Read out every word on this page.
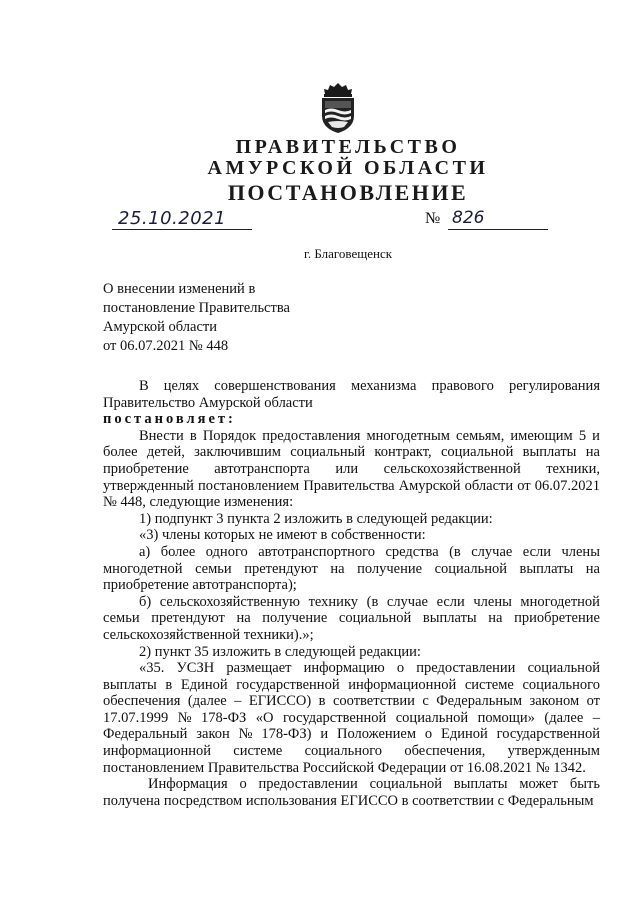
ПРАВИТЕЛЬСТВО
АМУРСКОЙ ОБЛАСТИ
ПОСТАНОВЛЕНИЕ
25.10.2021	№ 826
г. Благовещенск
О внесении изменений в
постановление Правительства
Амурской области
от 06.07.2021 № 448
В целях совершенствования механизма правового регулирования
Правительство Амурской области
постановляет:
Внести в Порядок предоставления многодетным семьям, имеющим 5 и
более детей, заключившим социальный контракт, социальной выплаты на
приобретение автотранспорта или сельскохозяйственной техники,
утвержденный постановлением Правительства Амурской области от 06.07.2021
№ 448, следующие изменения:
1) подпункт 3 пункта 2 изложить в следующей редакции:
«3) члены которых не имеют в собственности:
а) более одного автотранспортного средства (в случае если члены
многодетной семьи претендуют на получение социальной выплаты на
приобретение автотранспорта);
б) сельскохозяйственную технику (в случае если члены многодетной
семьи претендуют на получение социальной выплаты на приобретение
сельскохозяйственной техники).»;
2) пункт 35 изложить в следующей редакции:
«35. УСЗН размещает информацию о предоставлении социальной
выплаты в Единой государственной информационной системе социального
обеспечения (далее – ЕГИССО) в соответствии с Федеральным законом от
17.07.1999 № 178-ФЗ «О государственной социальной помощи» (далее –
Федеральный закон № 178-ФЗ) и Положением о Единой государственной
информационной системе социального обеспечения, утвержденным
постановлением Правительства Российской Федерации от 16.08.2021 № 1342.
Информация о предоставлении социальной выплаты может быть
получена посредством использования ЕГИССО в соответствии с Федеральным
